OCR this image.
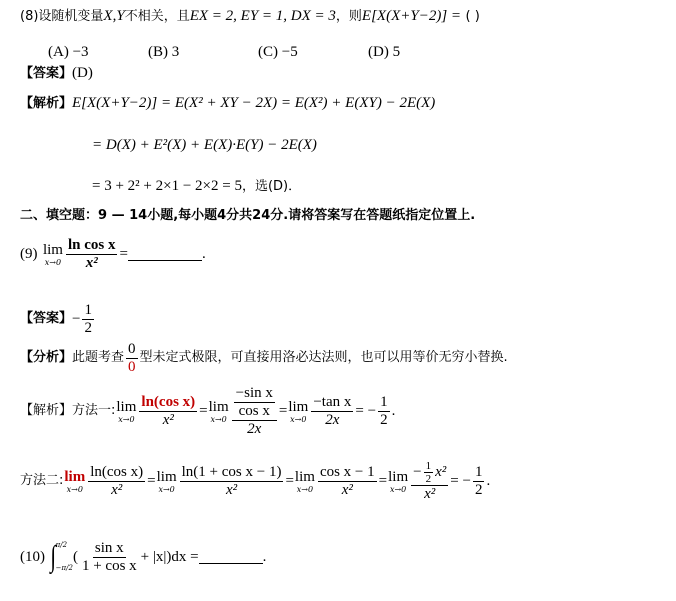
(8)设随机变量X,Y不相关，且EX = 2, EY = 1, DX = 3，则E[X(X+Y−2)] = ( )
(A) −3	(B) 3	(C) −5	(D) 5
【答案】(D)
【解析】E[X(X+Y−2)] = E(X² + XY − 2X) = E(X²) + E(XY) − 2E(X)
= D(X) + E²(X) + E(X)·E(Y) − 2E(X)
= 3 + 2² + 2×1 − 2×2 = 5，选(D)．
二、填空题：9 — 14小题,每小题4分共24分.请将答案写在答题纸指定位置上.
(9)
lim
$x\to 0 \frac{\text{ln cos x}}{\text{x²}}$ =	.
【答案】 − $\frac{1}{2}$
【分析】 此题考查 $\frac{0}{0}$ 型未定式极限，可直接用洛必达法则，也可以用等价无穷小替换.
【解析】方法一: lim
$x\to 0 \frac{\text{ln(cos x)}}{\text{x²}} = \lim$
x→0 −sin x
cos x
2x = lim
$x\to 0 \frac{\text{−tan x}}{2x}$ = − $\frac{1}{2}$ .
方法二: lim
$x\to 0 \frac{\text{ln(cos x)}}{\text{x²}} = \lim$
$x\to 0 \frac{\text{ln(1 + cos x − 1)}}{\text{x²}} = \lim$
$x\to 0 \frac{\text{cos x − 1}}{\text{x²}} = \lim$
$x\to 0 \frac{- \frac{1}{2} x^2}{\text{x²}}$ = − $\frac{1}{2}$ .
(10)
∫ π/2
−π/2
( $\frac{\text{sin x}}{\text{1 + cos x}} + |x|)dx$ =	.
